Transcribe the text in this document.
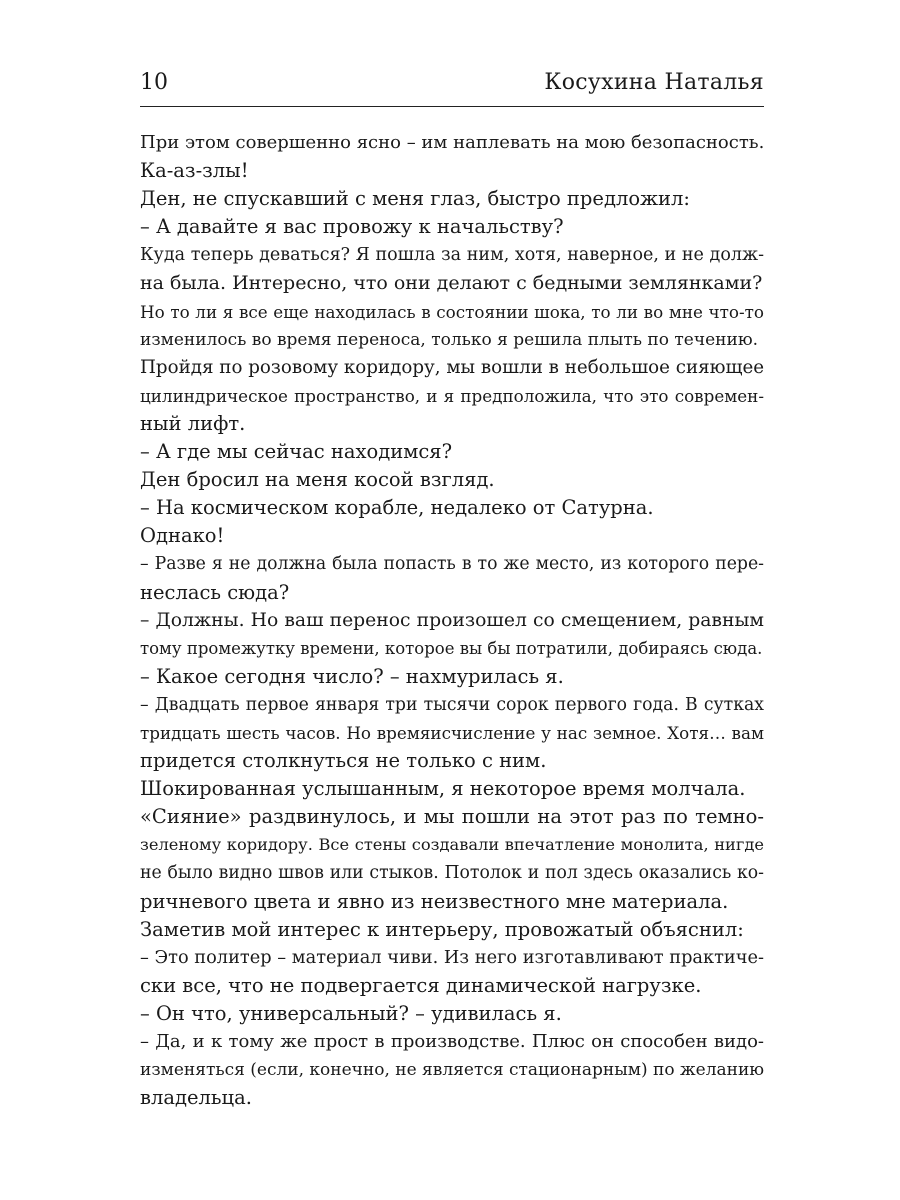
10	Косухина Наталья
При этом совершенно ясно – им наплевать на мою безопасность.
Ка-аз-злы!
Ден, не спускавший с меня глаз, быстро предложил:
– А давайте я вас провожу к начальству?
Куда теперь деваться? Я пошла за ним, хотя, наверное, и не долж-
на была. Интересно, что они делают с бедными землянками?
Но то ли я все еще находилась в состоянии шока, то ли во мне что-то
изменилось во время переноса, только я решила плыть по течению.
Пройдя по розовому коридору, мы вошли в небольшое сияющее
цилиндрическое пространство, и я предположила, что это современ-
ный лифт.
– А где мы сейчас находимся?
Ден бросил на меня косой взгляд.
– На космическом корабле, недалеко от Сатурна.
Однако!
– Разве я не должна была попасть в то же место, из которого пере-
неслась сюда?
– Должны. Но ваш перенос произошел со смещением, равным
тому промежутку времени, которое вы бы потратили, добираясь сюда.
– Какое сегодня число? – нахмурилась я.
– Двадцать первое января три тысячи сорок первого года. В сутках
тридцать шесть часов. Но времяисчисление у нас земное. Хотя… вам
придется столкнуться не только с ним.
Шокированная услышанным, я некоторое время молчала.
«Сияние» раздвинулось, и мы пошли на этот раз по темно-
зеленому коридору. Все стены создавали впечатление монолита, нигде
не было видно швов или стыков. Потолок и пол здесь оказались ко-
ричневого цвета и явно из неизвестного мне материала.
Заметив мой интерес к интерьеру, провожатый объяснил:
– Это политер – материал чиви. Из него изготавливают практиче-
ски все, что не подвергается динамической нагрузке.
– Он что, универсальный? – удивилась я.
– Да, и к тому же прост в производстве. Плюс он способен видо-
изменяться (если, конечно, не является стационарным) по желанию
владельца.
